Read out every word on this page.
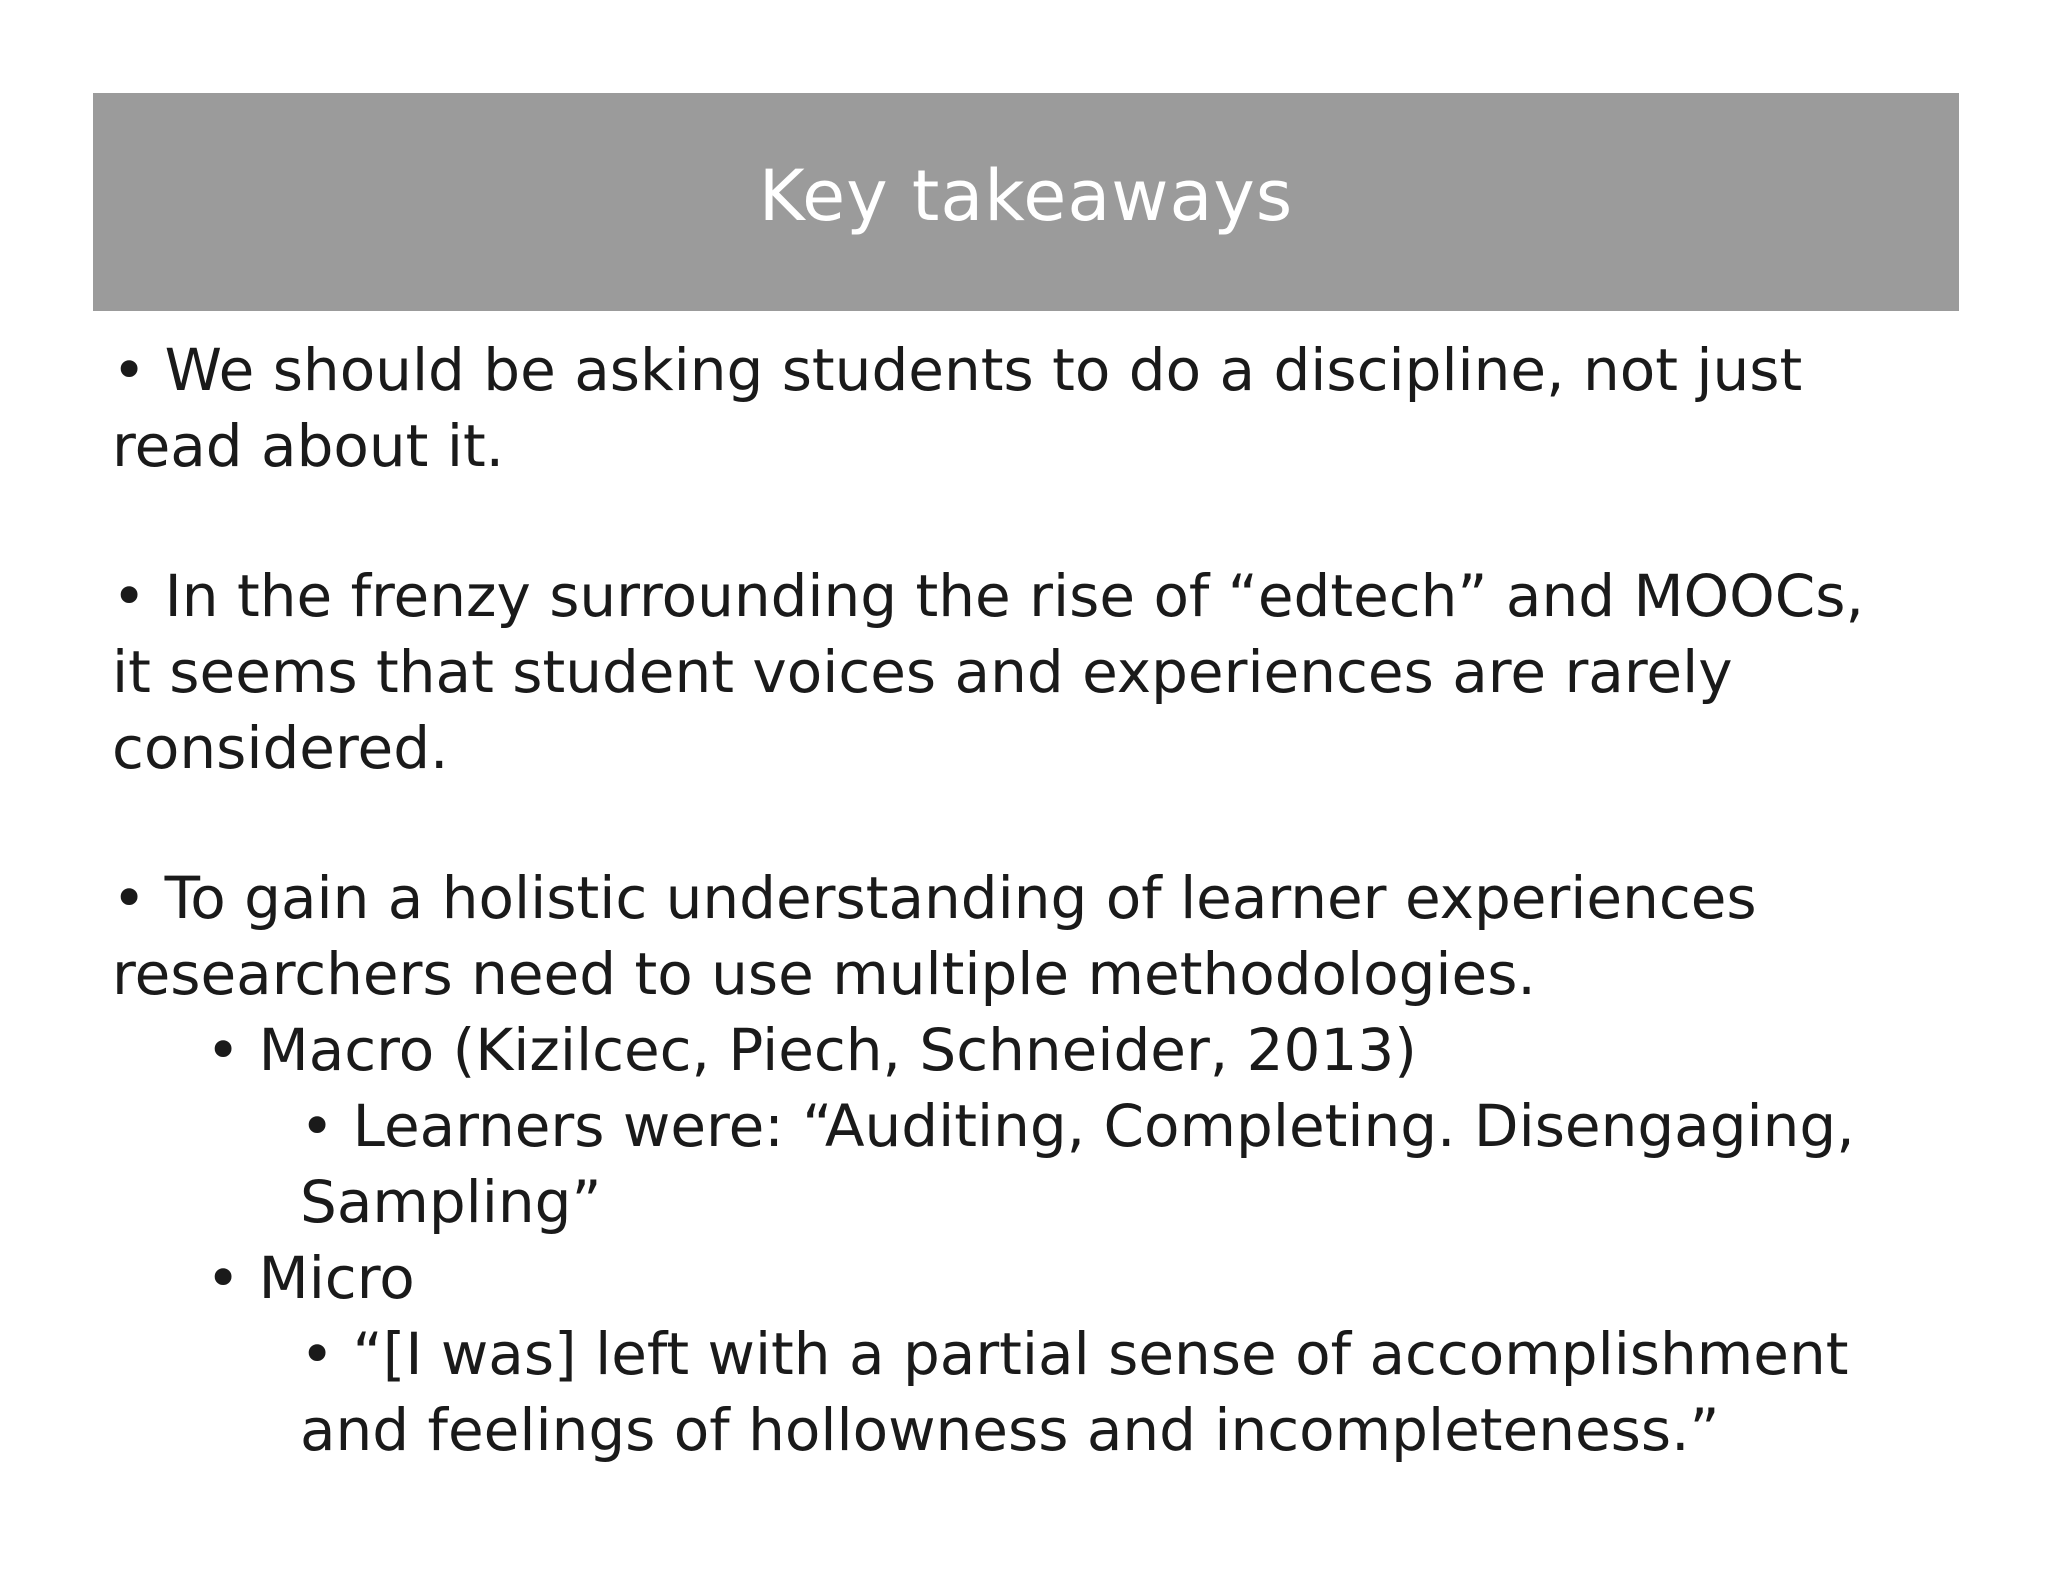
Key takeaways
• We should be asking students to do a discipline, not just
read about it.
• In the frenzy surrounding the rise of “edtech” and MOOCs,
it seems that student voices and experiences are rarely
considered.
• To gain a holistic understanding of learner experiences
researchers need to use multiple methodologies.
• Macro (Kizilcec, Piech, Schneider, 2013)
• Learners were: “Auditing, Completing. Disengaging,
Sampling”
• Micro
• “[I was] left with a partial sense of accomplishment
and feelings of hollowness and incompleteness.”
